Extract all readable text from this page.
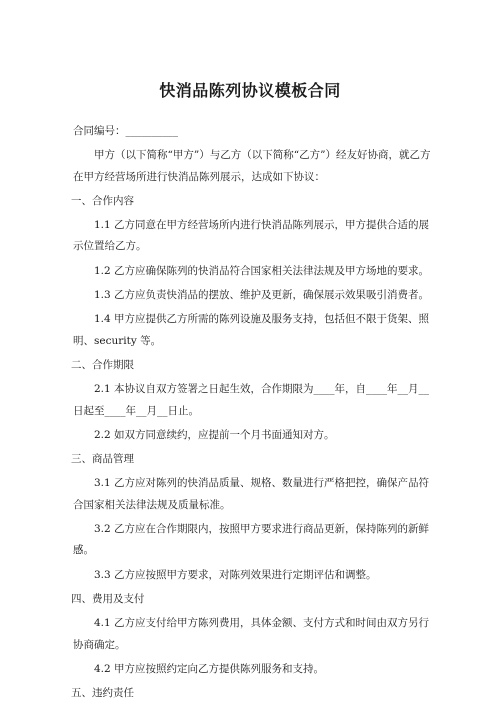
快消品陈列协议模板合同

合同编号：__________

甲方（以下简称“甲方”）与乙方（以下简称“乙方”）经友好协商，就乙方在甲方经营场所进行快消品陈列展示，达成如下协议：

一、合作内容

1.1 乙方同意在甲方经营场所内进行快消品陈列展示，甲方提供合适的展示位置给乙方。

1.2 乙方应确保陈列的快消品符合国家相关法律法规及甲方场地的要求。

1.3 乙方应负责快消品的摆放、维护及更新，确保展示效果吸引消费者。

1.4 甲方应提供乙方所需的陈列设施及服务支持，包括但不限于货架、照明、security 等。

二、合作期限

2.1 本协议自双方签署之日起生效，合作期限为____年，自____年__月__日起至____年__月__日止。

2.2 如双方同意续约，应提前一个月书面通知对方。

三、商品管理

3.1 乙方应对陈列的快消品质量、规格、数量进行严格把控，确保产品符合国家相关法律法规及质量标准。

3.2 乙方应在合作期限内，按照甲方要求进行商品更新，保持陈列的新鲜感。

3.3 乙方应按照甲方要求，对陈列效果进行定期评估和调整。

四、费用及支付

4.1 乙方应支付给甲方陈列费用，具体金额、支付方式和时间由双方另行协商确定。

4.2 甲方应按照约定向乙方提供陈列服务和支持。

五、违约责任
